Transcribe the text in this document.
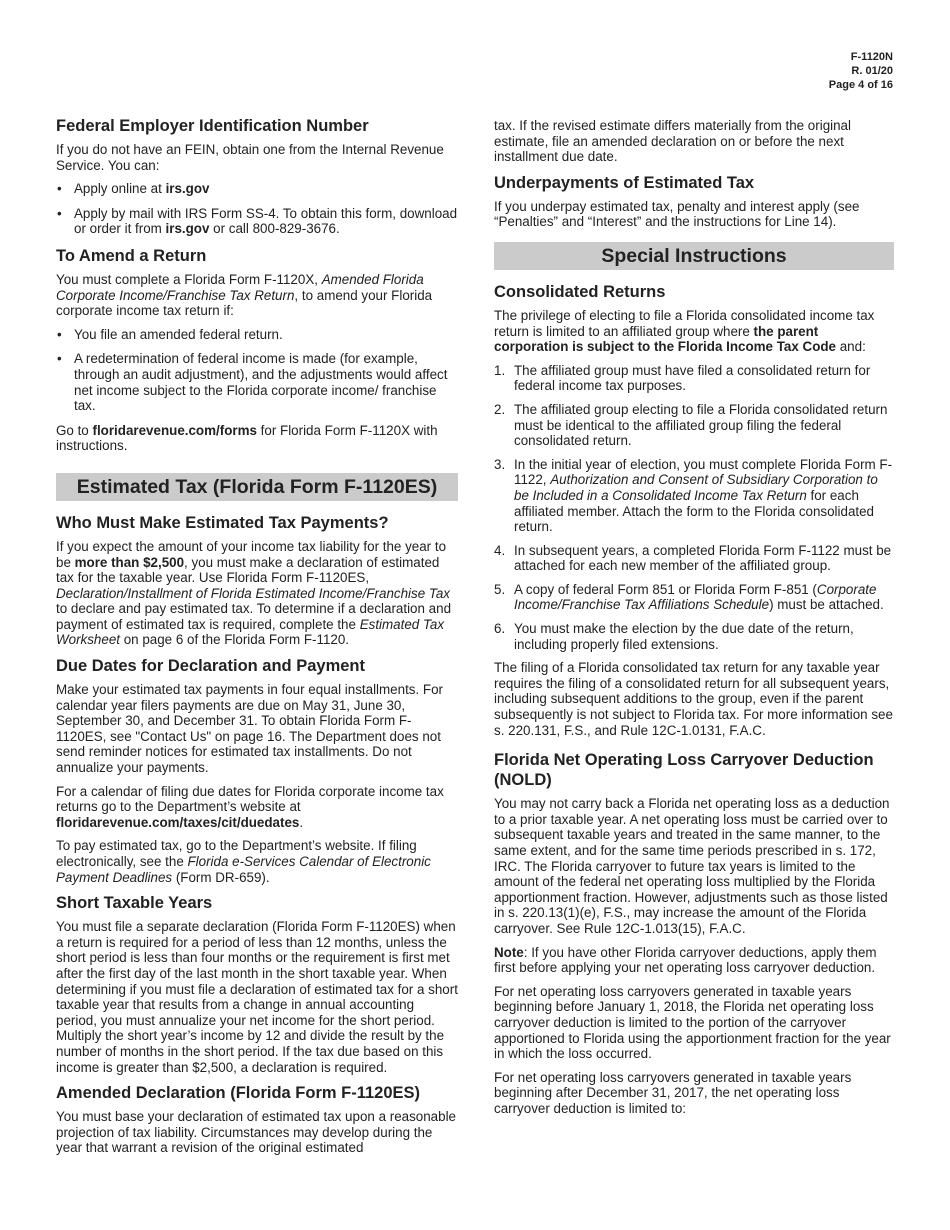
F-1120N
R. 01/20
Page 4 of 16
Federal Employer Identification Number

If you do not have an FEIN, obtain one from the Internal Revenue Service. You can:

• Apply online at irs.gov
• Apply by mail with IRS Form SS-4. To obtain this form, download or order it from irs.gov or call 800-829-3676.
To Amend a Return

You must complete a Florida Form F-1120X, Amended Florida Corporate Income/Franchise Tax Return, to amend your Florida corporate income tax return if:

• You file an amended federal return.
• A redetermination of federal income is made (for example, through an audit adjustment), and the adjustments would affect net income subject to the Florida corporate income/ franchise tax.

Go to floridarevenue.com/forms for Florida Form F-1120X with instructions.

Estimated Tax (Florida Form F-1120ES)
Who Must Make Estimated Tax Payments?

If you expect the amount of your income tax liability for the year to be more than $2,500, you must make a declaration of estimated tax for the taxable year. Use Florida Form F-1120ES, Declaration/Installment of Florida Estimated Income/Franchise Tax to declare and pay estimated tax. To determine if a declaration and payment of estimated tax is required, complete the Estimated Tax Worksheet on page 6 of the Florida Form F-1120.

Due Dates for Declaration and Payment

Make your estimated tax payments in four equal installments. For calendar year filers payments are due on May 31, June 30, September 30, and December 31. To obtain Florida Form F-1120ES, see "Contact Us" on page 16. The Department does not send reminder notices for estimated tax installments. Do not annualize your payments.

For a calendar of filing due dates for Florida corporate income tax returns go to the Department’s website at floridarevenue.com/taxes/cit/duedates.

To pay estimated tax, go to the Department’s website. If filing electronically, see the Florida e-Services Calendar of Electronic Payment Deadlines (Form DR-659).

Short Taxable Years

You must file a separate declaration (Florida Form F-1120ES) when a return is required for a period of less than 12 months, unless the short period is less than four months or the requirement is first met after the first day of the last month in the short taxable year. When determining if you must file a declaration of estimated tax for a short taxable year that results from a change in annual accounting period, you must annualize your net income for the short period. Multiply the short year’s income by 12 and divide the result by the number of months in the short period. If the tax due based on this income is greater than $2,500, a declaration is required.

Amended Declaration (Florida Form F-1120ES)

You must base your declaration of estimated tax upon a reasonable projection of tax liability. Circumstances may develop during the year that warrant a revision of the original estimated

tax. If the revised estimate differs materially from the original estimate, file an amended declaration on or before the next installment due date.

Underpayments of Estimated Tax

If you underpay estimated tax, penalty and interest apply (see “Penalties” and “Interest” and the instructions for Line 14).

Special Instructions
Consolidated Returns

The privilege of electing to file a Florida consolidated income tax return is limited to an affiliated group where the parent corporation is subject to the Florida Income Tax Code and:

1. The affiliated group must have filed a consolidated return for federal income tax purposes.
2. The affiliated group electing to file a Florida consolidated return must be identical to the affiliated group filing the federal consolidated return.
3. In the initial year of election, you must complete Florida Form F-1122, Authorization and Consent of Subsidiary Corporation to be Included in a Consolidated Income Tax Return for each affiliated member. Attach the form to the Florida consolidated return.
4. In subsequent years, a completed Florida Form F-1122 must be attached for each new member of the affiliated group.
5. A copy of federal Form 851 or Florida Form F-851 (Corporate Income/Franchise Tax Affiliations Schedule) must be attached.
6. You must make the election by the due date of the return, including properly filed extensions.

The filing of a Florida consolidated tax return for any taxable year requires the filing of a consolidated return for all subsequent years, including subsequent additions to the group, even if the parent subsequently is not subject to Florida tax. For more information see s. 220.131, F.S., and Rule 12C-1.0131, F.A.C.

Florida Net Operating Loss Carryover Deduction (NOLD)

You may not carry back a Florida net operating loss as a deduction to a prior taxable year. A net operating loss must be carried over to subsequent taxable years and treated in the same manner, to the same extent, and for the same time periods prescribed in s. 172, IRC. The Florida carryover to future tax years is limited to the amount of the federal net operating loss multiplied by the Florida apportionment fraction. However, adjustments such as those listed in s. 220.13(1)(e), F.S., may increase the amount of the Florida carryover. See Rule 12C-1.013(15), F.A.C.

Note: If you have other Florida carryover deductions, apply them first before applying your net operating loss carryover deduction.

For net operating loss carryovers generated in taxable years beginning before January 1, 2018, the Florida net operating loss carryover deduction is limited to the portion of the carryover apportioned to Florida using the apportionment fraction for the year in which the loss occurred.

For net operating loss carryovers generated in taxable years beginning after December 31, 2017, the net operating loss carryover deduction is limited to:
